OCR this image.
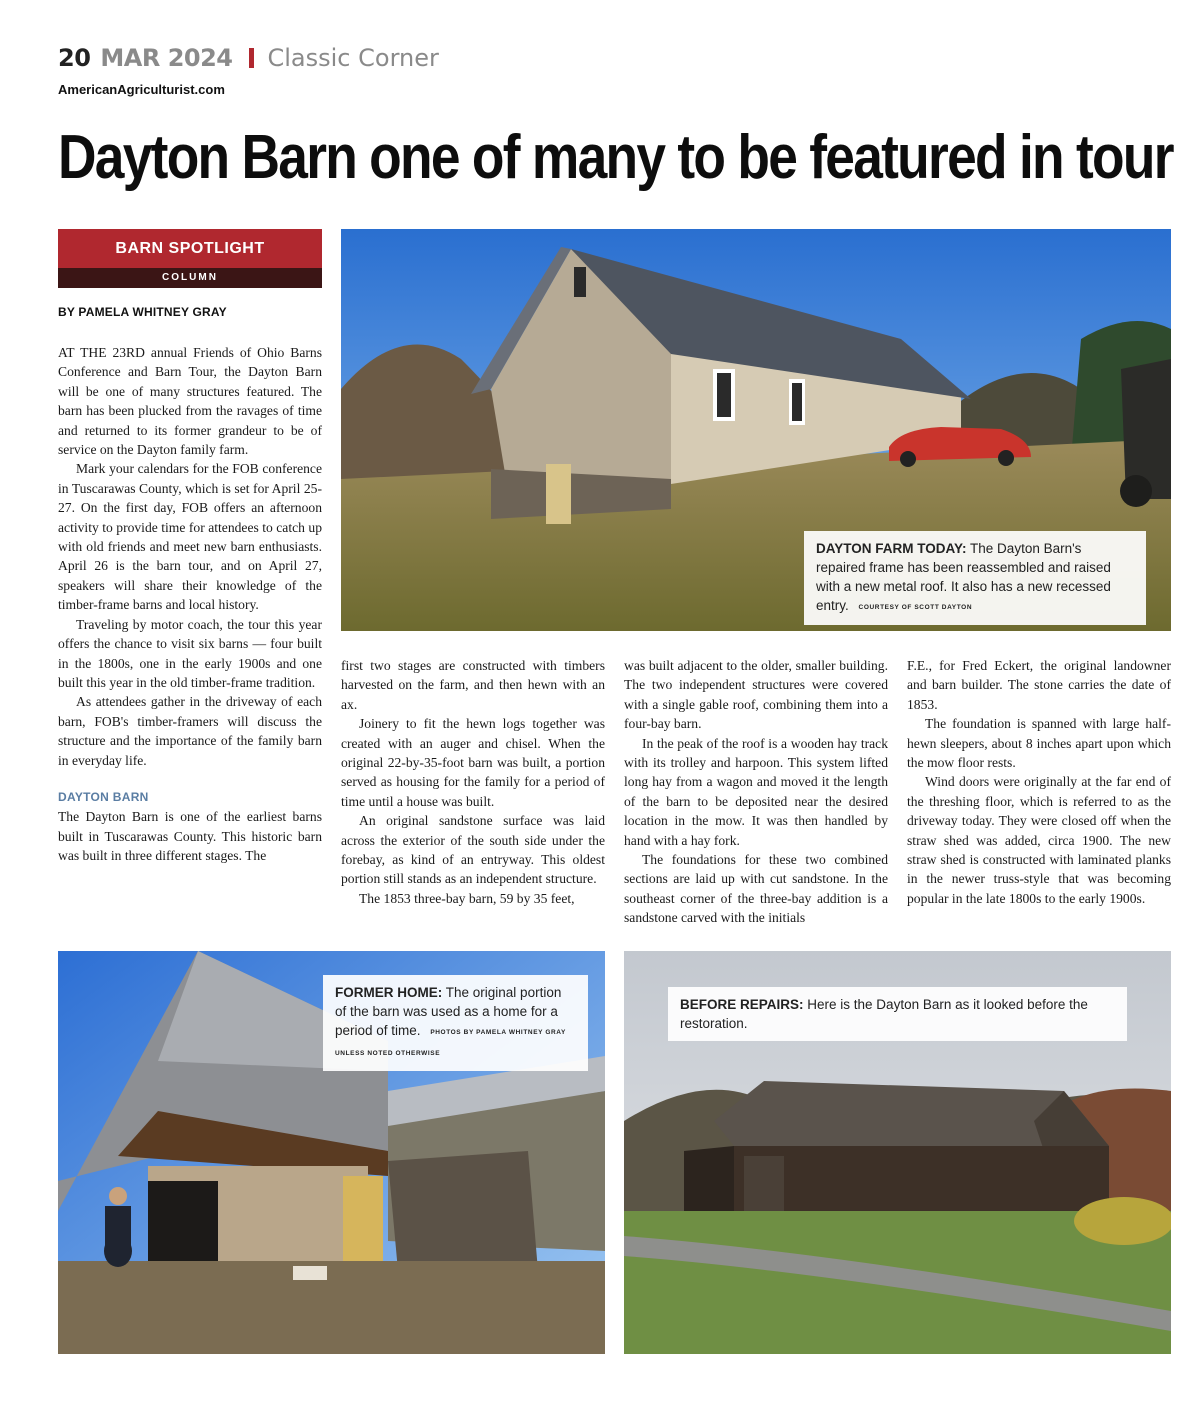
20 MAR 2024 Classic Corner
AmericanAgriculturist.com
Dayton Barn one of many to be featured in tour
BARN SPOTLIGHT
COLUMN
BY PAMELA WHITNEY GRAY

AT THE 23RD annual Friends of Ohio Barns Conference and Barn Tour, the Dayton Barn will be one of many structures featured. The barn has been plucked from the ravages of time and returned to its former grandeur to be of service on the Dayton family farm.

Mark your calendars for the FOB conference in Tuscarawas County, which is set for April 25-27. On the first day, FOB offers an afternoon activity to provide time for attendees to catch up with old friends and meet new barn enthusiasts. April 26 is the barn tour, and on April 27, speakers will share their knowledge of the timber-frame barns and local history.

Traveling by motor coach, the tour this year offers the chance to visit six barns — four built in the 1800s, one in the early 1900s and one built this year in the old timber-frame tradition.

As attendees gather in the driveway of each barn, FOB's timber-framers will discuss the structure and the importance of the family barn in everyday life.

DAYTON BARN

The Dayton Barn is one of the earliest barns built in Tuscarawas County. This historic barn was built in three different stages. The

first two stages are constructed with timbers harvested on the farm, and then hewn with an ax.

Joinery to fit the hewn logs together was created with an auger and chisel. When the original 22-by-35-foot barn was built, a portion served as housing for the family for a period of time until a house was built.

An original sandstone surface was laid across the exterior of the south side under the forebay, as kind of an entryway. This oldest portion still stands as an independent structure.

The 1853 three-bay barn, 59 by 35 feet,

was built adjacent to the older, smaller building. The two independent structures were covered with a single gable roof, combining them into a four-bay barn.

In the peak of the roof is a wooden hay track with its trolley and harpoon. This system lifted long hay from a wagon and moved it the length of the barn to be deposited near the desired location in the mow. It was then handled by hand with a hay fork.

The foundations for these two combined sections are laid up with cut sandstone. In the southeast corner of the three-bay addition is a sandstone carved with the initials

F.E., for Fred Eckert, the original landowner and barn builder. The stone carries the date of 1853.

The foundation is spanned with large half-hewn sleepers, about 8 inches apart upon which the mow floor rests.

Wind doors were originally at the far end of the threshing floor, which is referred to as the driveway today. They were closed off when the straw shed was added, circa 1900. The new straw shed is constructed with laminated planks in the newer truss-style that was becoming popular in the late 1800s to the early 1900s.

DAYTON FARM TODAY: The Dayton Barn's repaired frame has been reassembled and raised with a new metal roof. It also has a new recessed entry. COURTESY OF SCOTT DAYTON
FORMER HOME: The original portion of the barn was used as a home for a period of time. PHOTOS BY PAMELA WHITNEY GRAY UNLESS NOTED OTHERWISE
BEFORE REPAIRS: Here is the Dayton Barn as it looked before the restoration.
